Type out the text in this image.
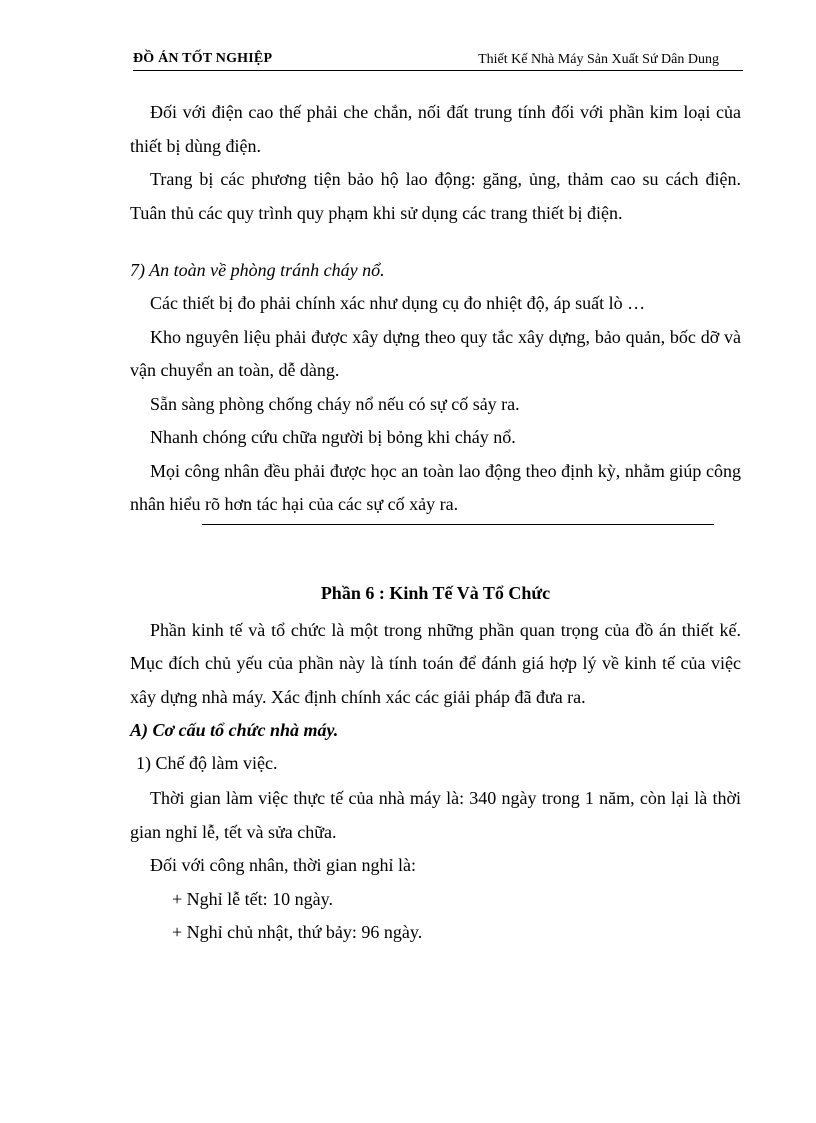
ĐỒ ÁN TỐT NGHIỆP	Thiết Kế Nhà Máy Sản Xuất Sứ Dân Dung

Đối với điện cao thế phải che chắn, nối đất trung tính đối với phần kim loại của thiết bị dùng điện.

Trang bị các phương tiện bảo hộ lao động: găng, ủng, thảm cao su cách điện. Tuân thủ các quy trình quy phạm khi sử dụng các trang thiết bị điện.

7) An toàn về phòng tránh cháy nổ.

Các thiết bị đo phải chính xác như dụng cụ đo nhiệt độ, áp suất lò …

Kho nguyên liệu phải được xây dựng theo quy tắc xây dựng, bảo quản, bốc dỡ và vận chuyển an toàn, dễ dàng.

Sẵn sàng phòng chống cháy nổ nếu có sự cố sảy ra.

Nhanh chóng cứu chữa người bị bỏng khi cháy nổ.

Mọi công nhân đều phải được học an toàn lao động theo định kỳ, nhằm giúp công nhân hiểu rõ hơn tác hại của các sự cố xảy ra.

Phần 6 : Kinh Tế Và Tổ Chức

Phần kinh tế và tổ chức là một trong những phần quan trọng của đồ án thiết kế. Mục đích chủ yếu của phần này là tính toán để đánh giá hợp lý về kinh tế của việc xây dựng nhà máy. Xác định chính xác các giải pháp đã đưa ra.

A) Cơ cấu tổ chức nhà máy.

1) Chế độ làm việc.

Thời gian làm việc thực tế của nhà máy là: 340 ngày trong 1 năm, còn lại là thời gian nghỉ lễ, tết và sửa chữa.

Đối với công nhân, thời gian nghỉ là:

+ Nghỉ lễ tết: 10 ngày.

+ Nghỉ chủ nhật, thứ bảy: 96 ngày.
